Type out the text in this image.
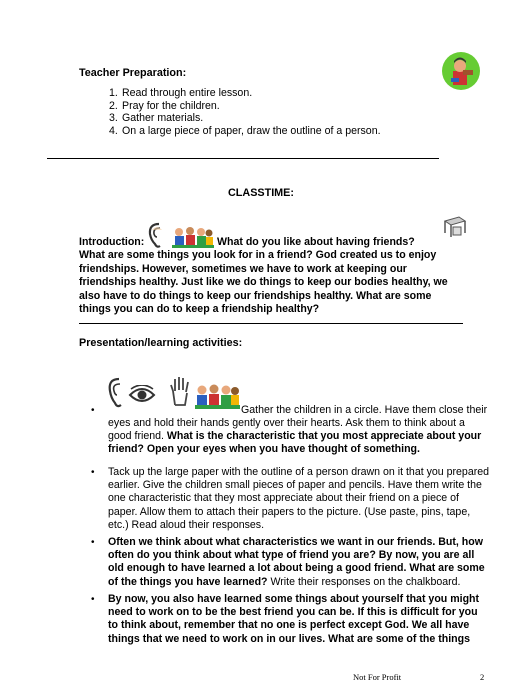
Teacher Preparation:
1. Read through entire lesson.
2. Pray for the children.
3. Gather materials.
4. On a large piece of paper, draw the outline of a person.
CLASSTIME:
Introduction:	What do you like about having friends?
What are some things you look for in a friend? God created us to enjoy friendships. However, sometimes we have to work at keeping our friendships healthy. Just like we do things to keep our bodies healthy, we also have to do things to keep our friendships healthy. What are some things you can do to keep a friendship healthy?
Presentation/learning activities:
•	Gather the children in a circle. Have them close their
eyes and hold their hands gently over their hearts. Ask them to think about a good friend. What is the characteristic that you most appreciate about your friend? Open your eyes when you have thought of something.
• Tack up the large paper with the outline of a person drawn on it that you prepared earlier. Give the children small pieces of paper and pencils. Have them write the one characteristic that they most appreciate about their friend on a piece of paper. Allow them to attach their papers to the picture. (Use paste, pins, tape, etc.) Read aloud their responses.
• Often we think about what characteristics we want in our friends. But, how often do you think about what type of friend you are? By now, you are all old enough to have learned a lot about being a good friend. What are some of the things you have learned? Write their responses on the chalkboard.
• By now, you also have learned some things about yourself that you might need to work on to be the best friend you can be. If this is difficult for you to think about, remember that no one is perfect except God. We all have things that we need to work on in our lives. What are some of the things
Not For Profit	2
